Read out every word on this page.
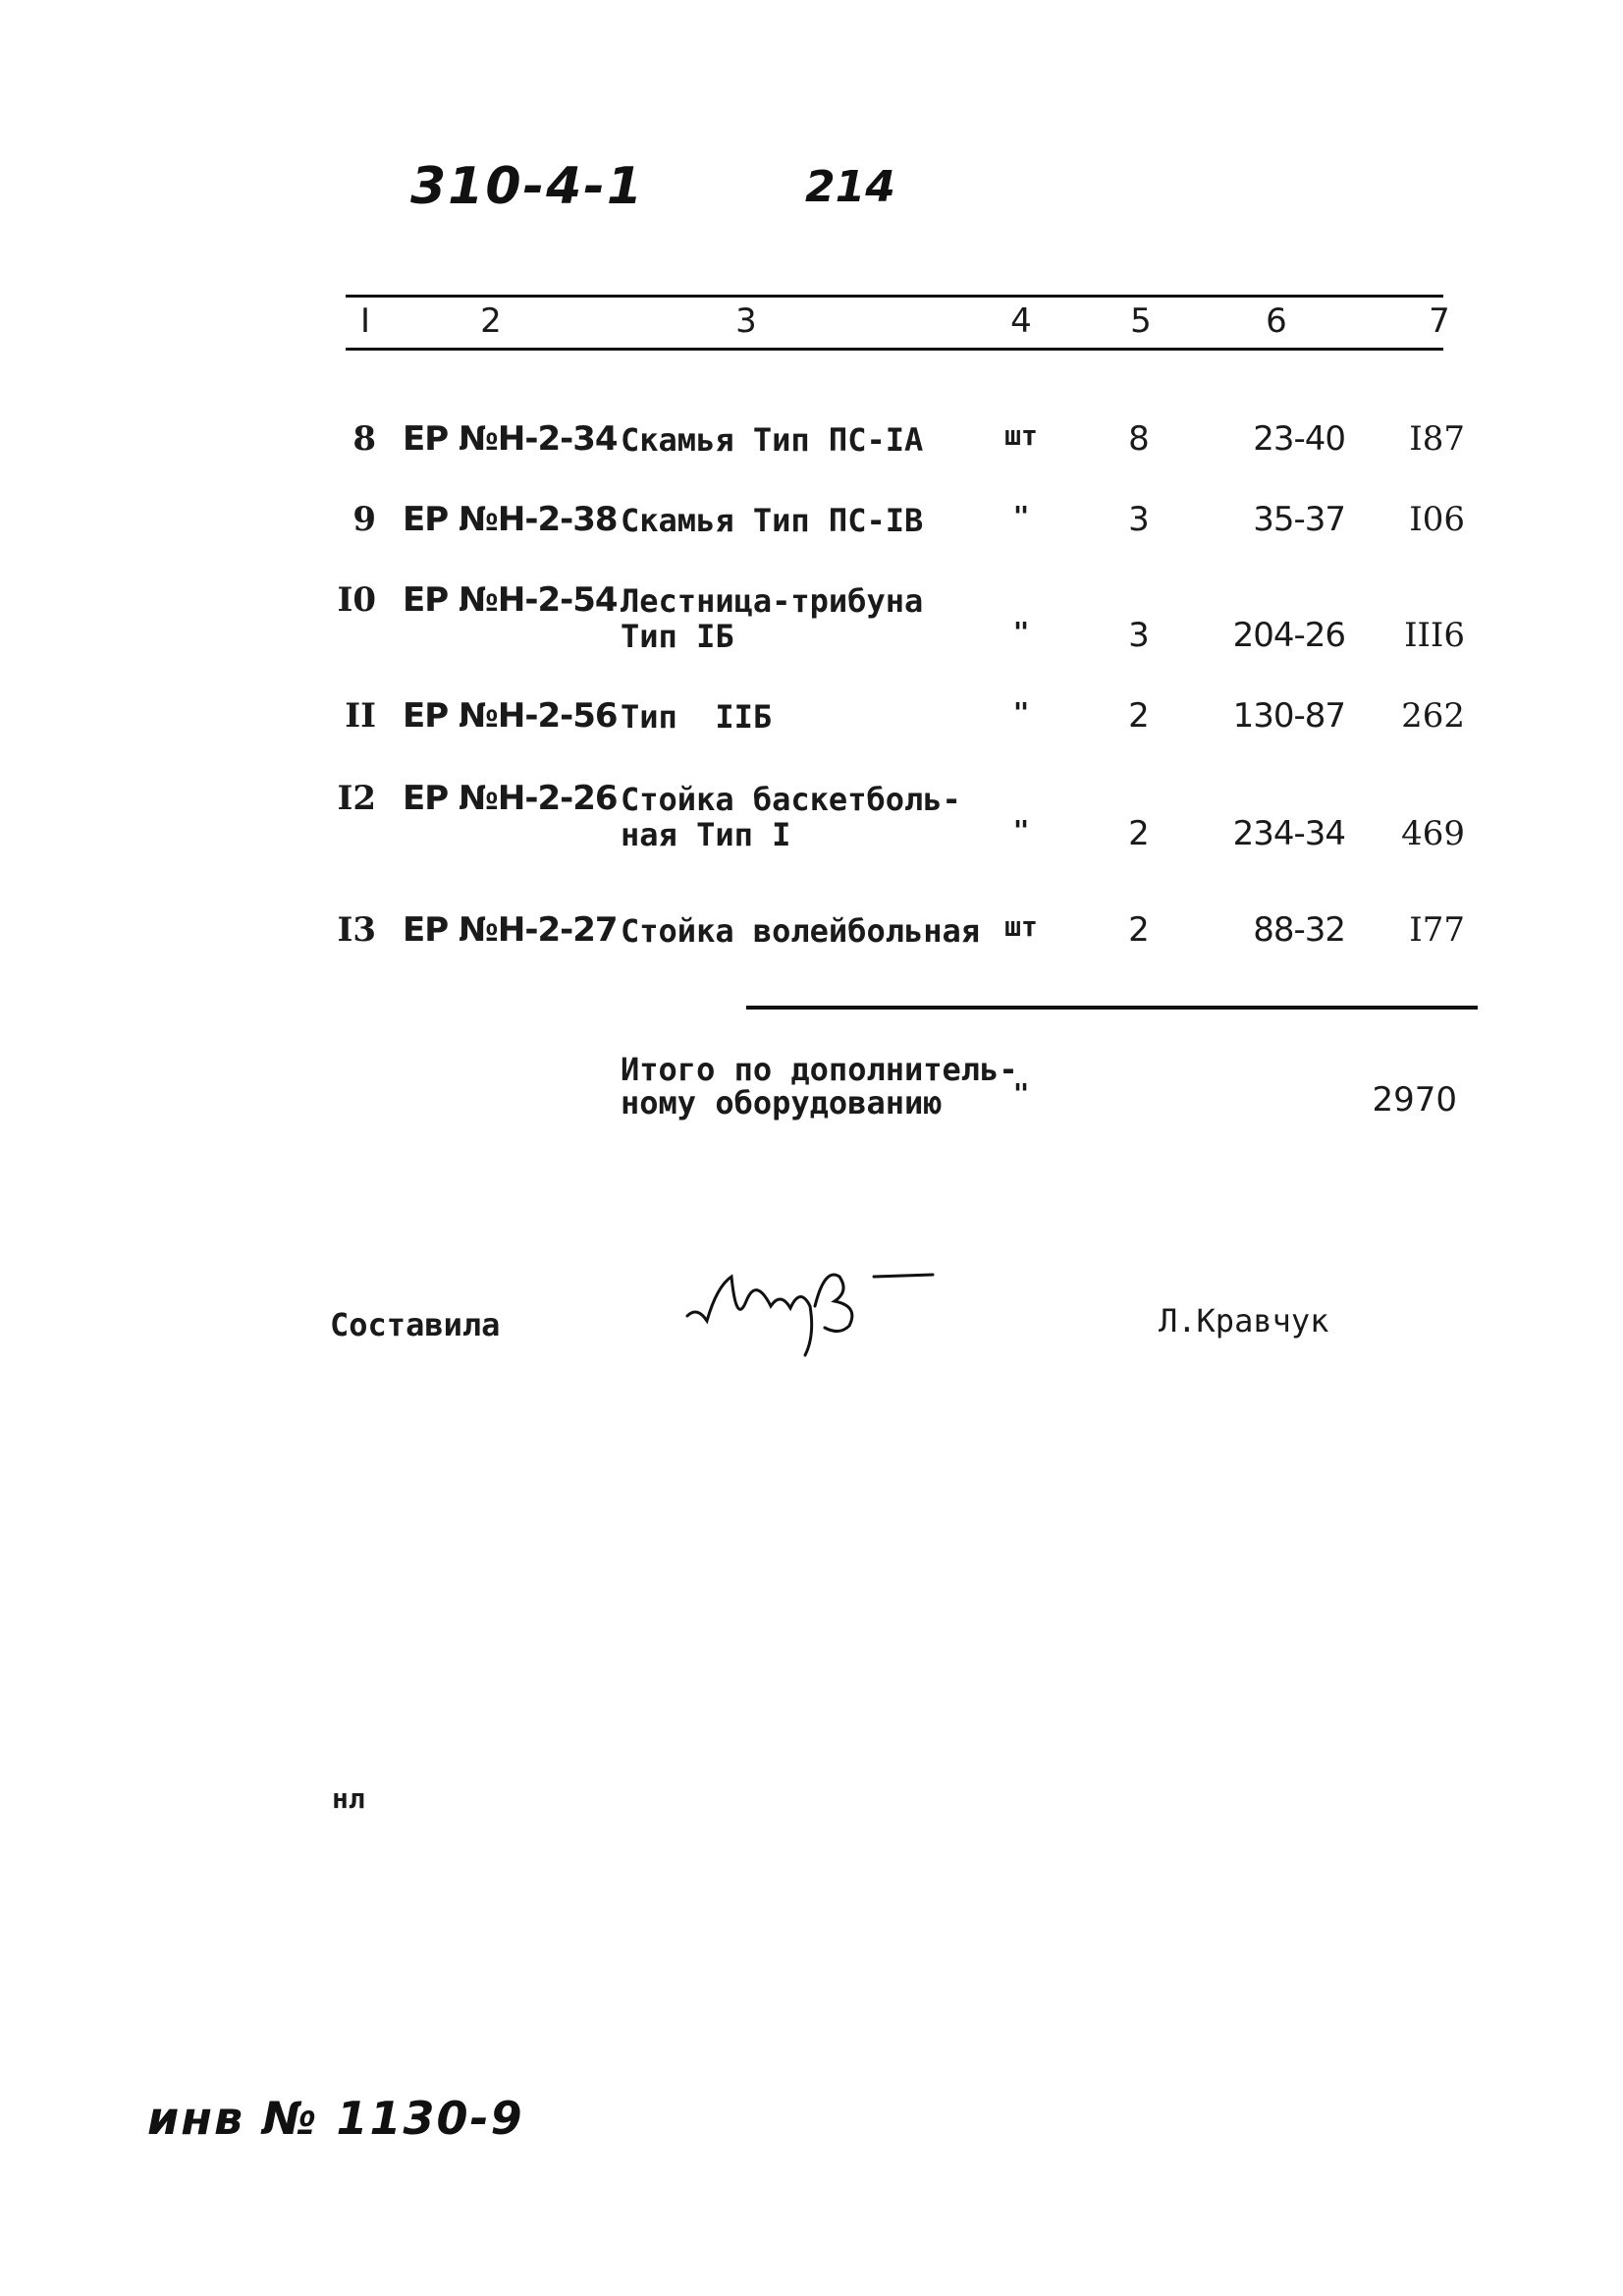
310-4-1	214
I	2	3	4	5	6	7
8 ЕР №Н-2-34 Скамья Тип ПС-IA	шт	8	23-40	I87
9 ЕР №Н-2-38 Скамья Тип ПС-IB	"	3	35-37	I06
I0 ЕР №Н-2-54 Лестница-трибуна
Тип IБ	"	3	204-26	III6
II ЕР №Н-2-56 Тип  IIБ	"	2	130-87	262
I2 ЕР №Н-2-26 Стойка баскетболь-
ная Тип I	"	2	234-34	469
I3 ЕР №Н-2-27 Стойка волейбольная шт	2	88-32	I77
Итого по дополнитель-
ному оборудованию	"	2970
Составила	Л.Кравчук
нл
инв № 1130-9
